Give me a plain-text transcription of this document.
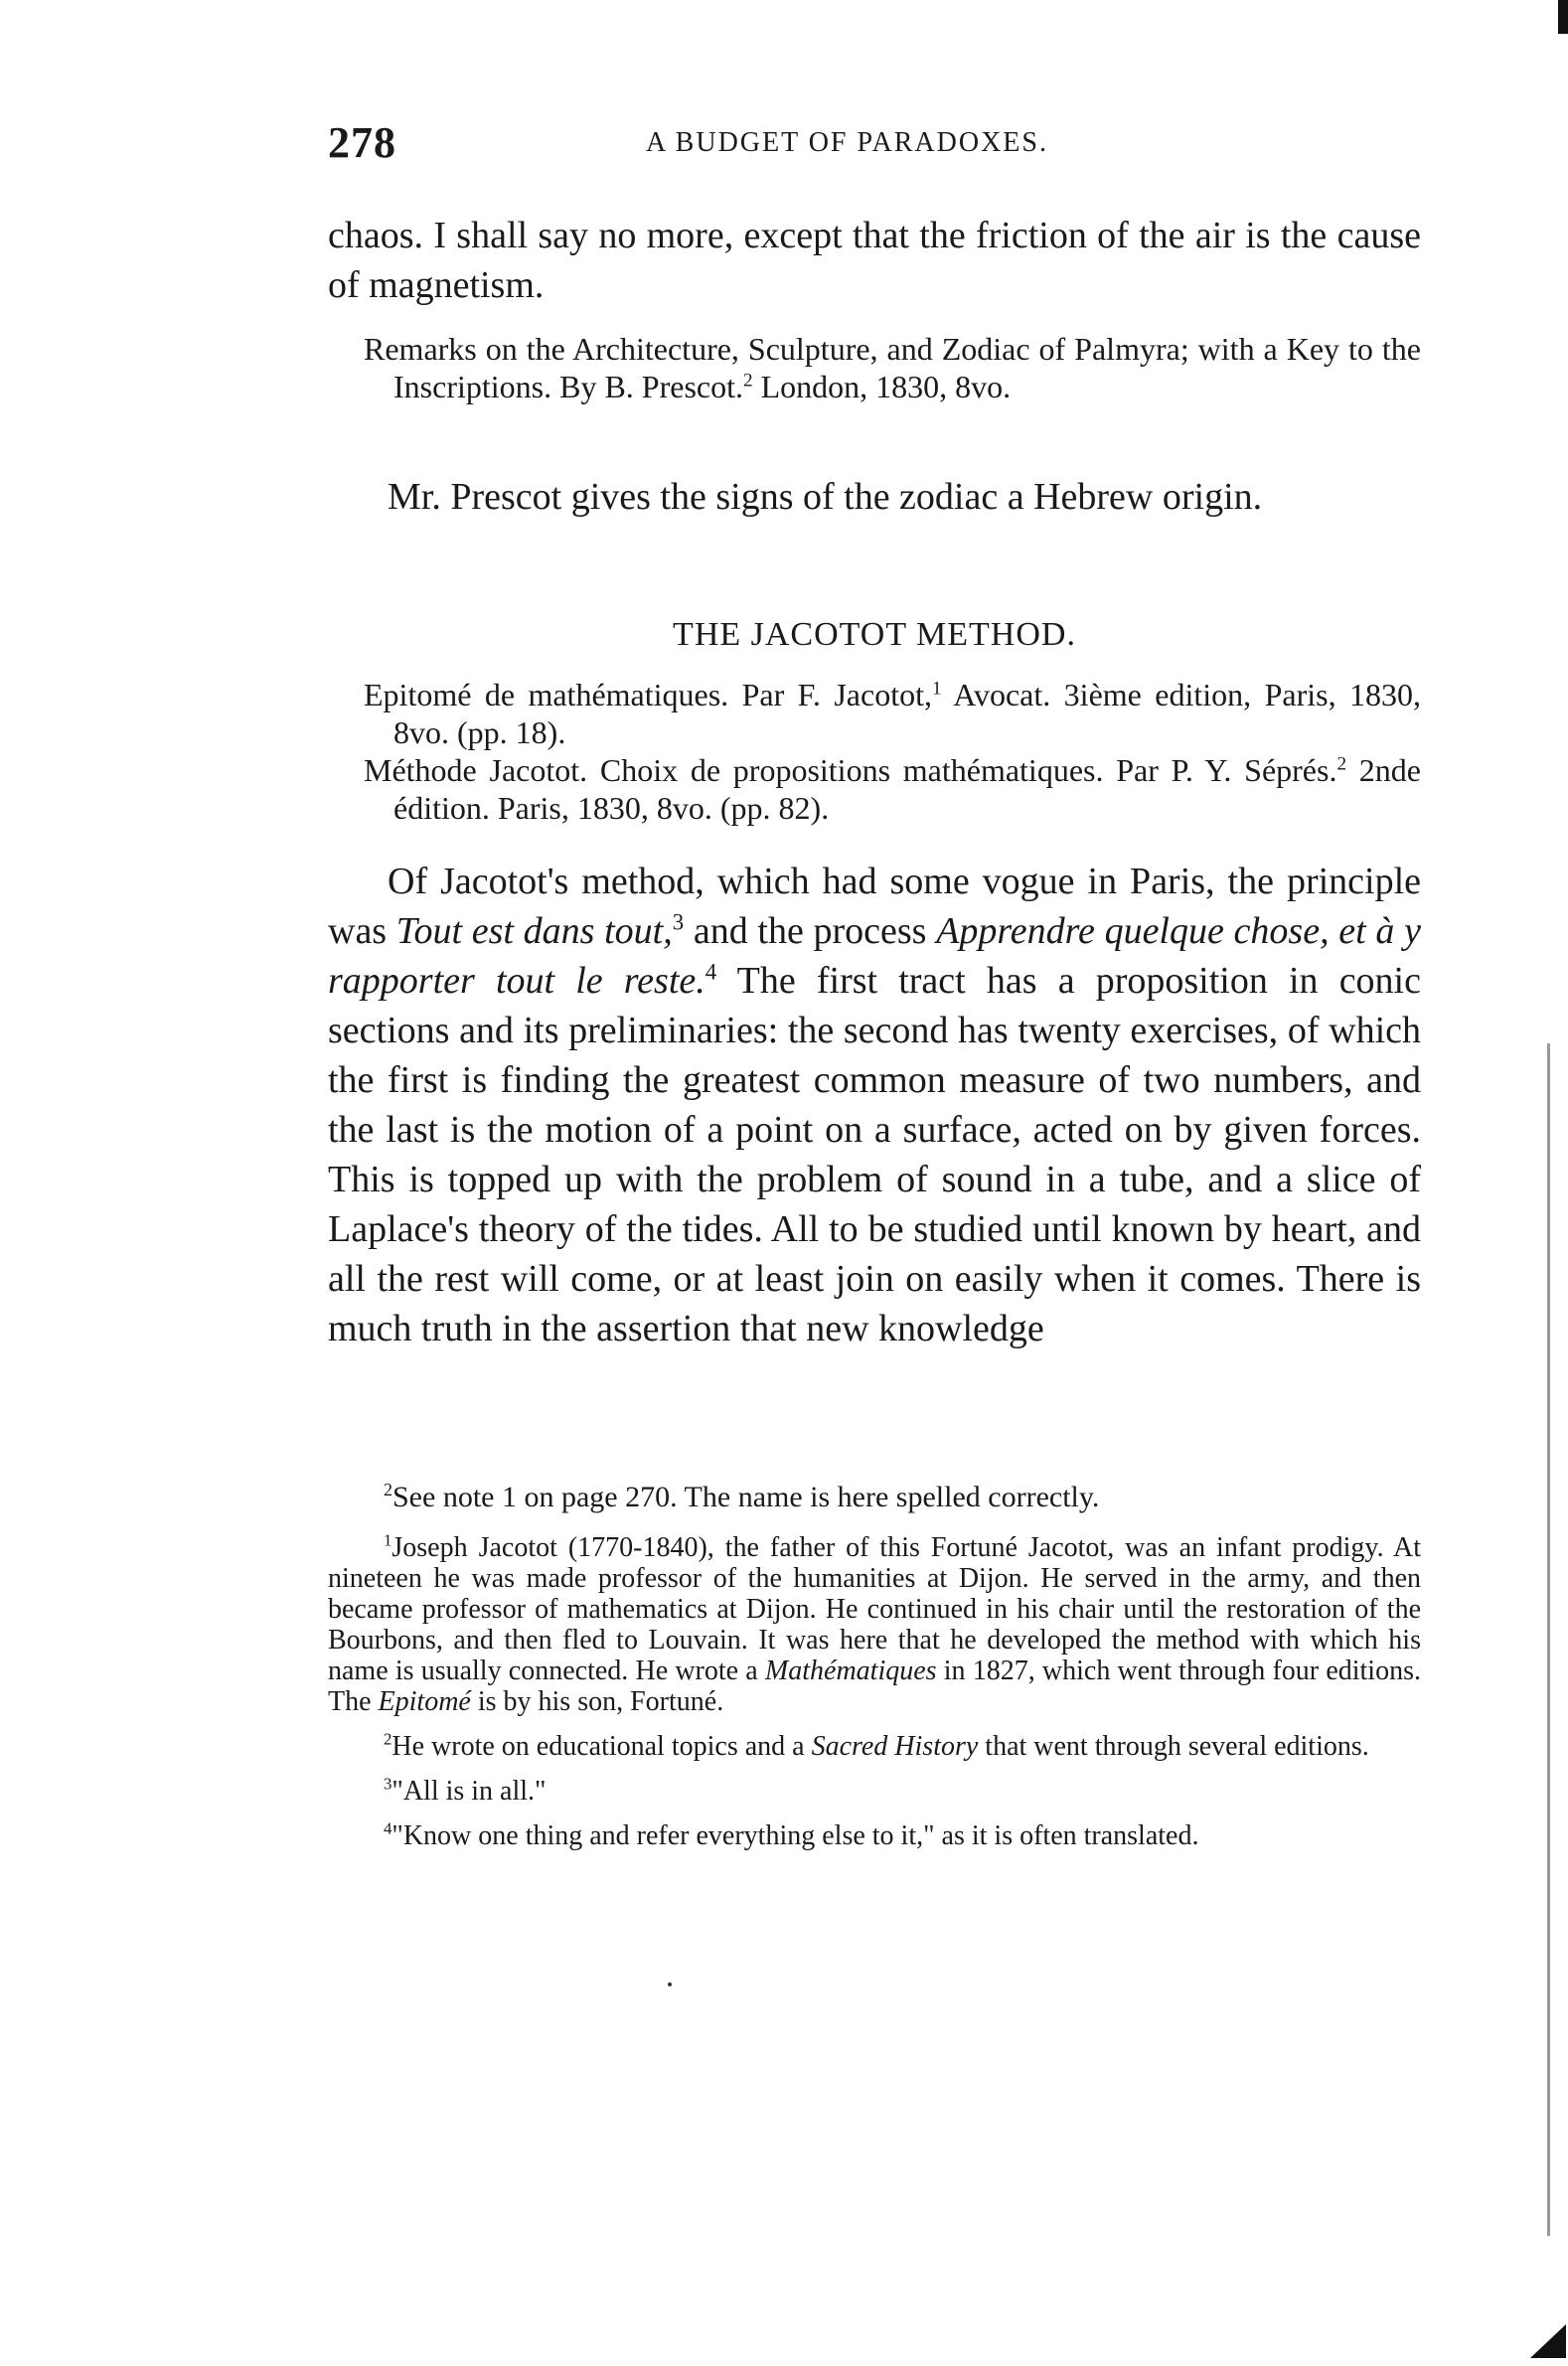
278	A BUDGET OF PARADOXES.

chaos. I shall say no more, except that the friction of the air is the cause of magnetism.

Remarks on the Architecture, Sculpture, and Zodiac of Palmyra; with a Key to the Inscriptions. By B. Prescot.$^2$ London, 1830, 8vo.

Mr. Prescot gives the signs of the zodiac a Hebrew origin.

THE JACOTOT METHOD.

Epitomé de mathématiques. Par F. Jacotot,$^1$ Avocat. 3ième edition, Paris, 1830, 8vo. (pp. 18).

Méthode Jacotot. Choix de propositions mathématiques. Par P. Y. Séprés.$^2$ 2nde édition. Paris, 1830, 8vo. (pp. 82).

Of Jacotot's method, which had some vogue in Paris, the principle was Tout est dans tout,$^3$ and the process Apprendre quelque chose, et à y rapporter tout le reste.$^4$ The first tract has a proposition in conic sections and its preliminaries: the second has twenty exercises, of which the first is finding the greatest common measure of two numbers, and the last is the motion of a point on a surface, acted on by given forces. This is topped up with the problem of sound in a tube, and a slice of Laplace's theory of the tides. All to be studied until known by heart, and all the rest will come, or at least join on easily when it comes. There is much truth in the assertion that new knowledge

$^2$See note 1 on page 270. The name is here spelled correctly.

$^1$Joseph Jacotot (1770-1840), the father of this Fortuné Jacotot, was an infant prodigy. At nineteen he was made professor of the humanities at Dijon. He served in the army, and then became professor of mathematics at Dijon. He continued in his chair until the restoration of the Bourbons, and then fled to Louvain. It was here that he developed the method with which his name is usually connected. He wrote a Mathématiques in 1827, which went through four editions. The Epitomé is by his son, Fortuné.

$^2$He wrote on educational topics and a Sacred History that went through several editions.

$^3$"All is in all."

$^4$"Know one thing and refer everything else to it," as it is often translated.
